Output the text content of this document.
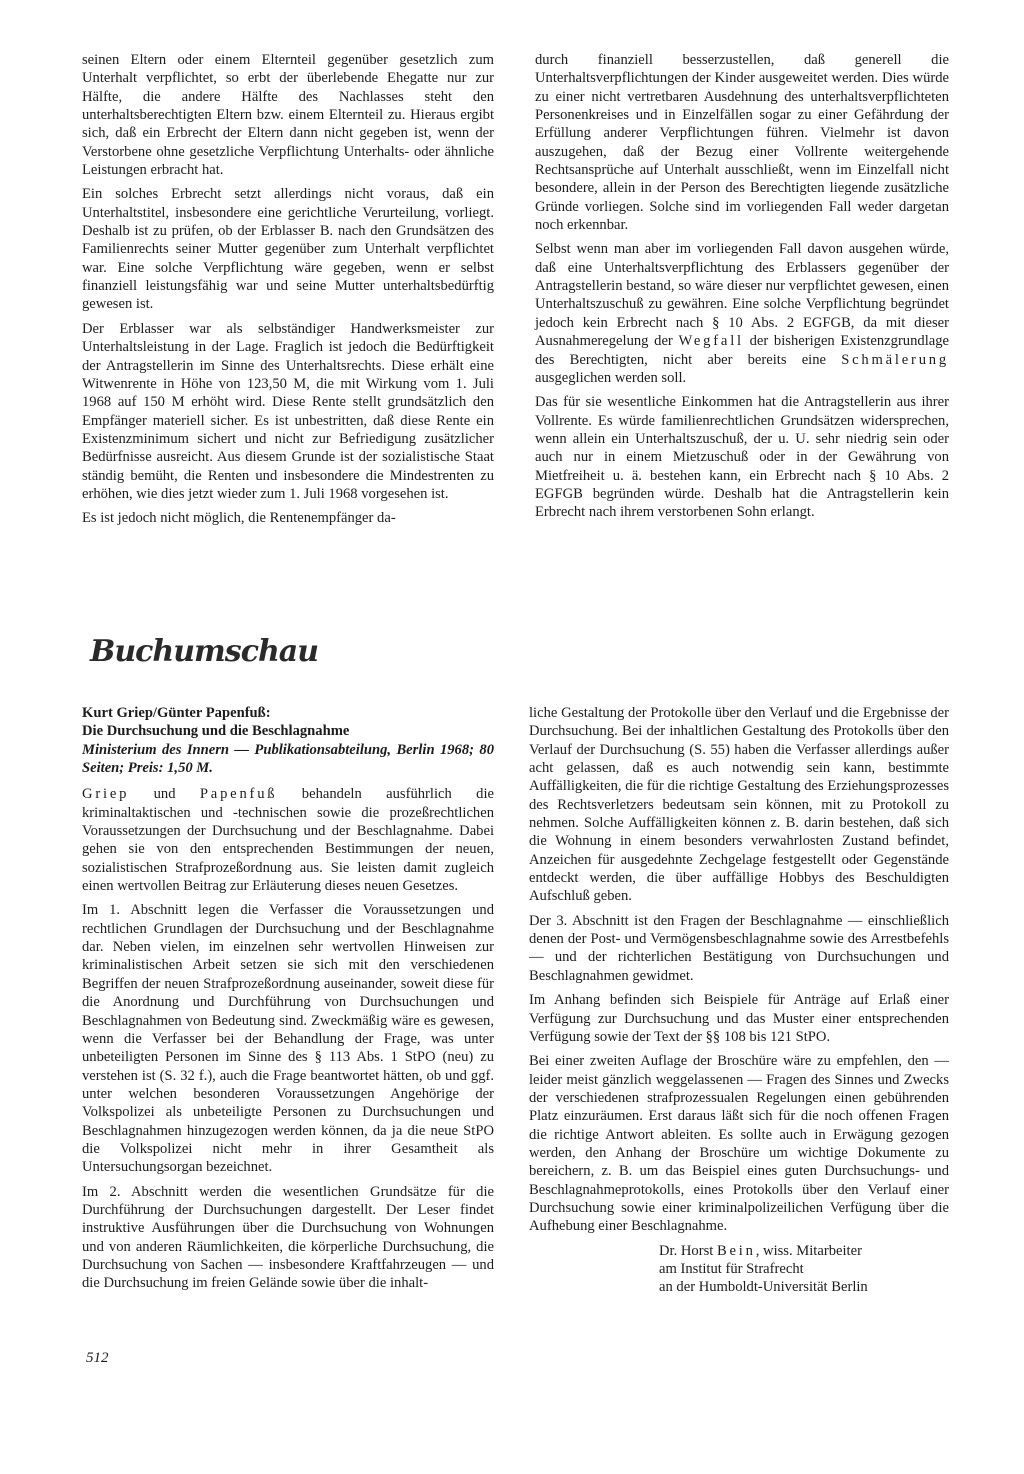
seinen Eltern oder einem Elternteil gegenüber gesetzlich zum Unterhalt verpflichtet, so erbt der überlebende Ehegatte nur zur Hälfte, die andere Hälfte des Nachlasses steht den unterhaltsberechtigten Eltern bzw. einem Elternteil zu. Hieraus ergibt sich, daß ein Erbrecht der Eltern dann nicht gegeben ist, wenn der Verstorbene ohne gesetzliche Verpflichtung Unterhalts- oder ähnliche Leistungen erbracht hat.

Ein solches Erbrecht setzt allerdings nicht voraus, daß ein Unterhaltstitel, insbesondere eine gerichtliche Verurteilung, vorliegt. Deshalb ist zu prüfen, ob der Erblasser B. nach den Grundsätzen des Familienrechts seiner Mutter gegenüber zum Unterhalt verpflichtet war. Eine solche Verpflichtung wäre gegeben, wenn er selbst finanziell leistungsfähig war und seine Mutter unterhaltsbedürftig gewesen ist.

Der Erblasser war als selbständiger Handwerksmeister zur Unterhaltsleistung in der Lage. Fraglich ist jedoch die Bedürftigkeit der Antragstellerin im Sinne des Unterhaltsrechts. Diese erhält eine Witwenrente in Höhe von 123,50 M, die mit Wirkung vom 1. Juli 1968 auf 150 M erhöht wird. Diese Rente stellt grundsätzlich den Empfänger materiell sicher. Es ist unbestritten, daß diese Rente ein Existenzminimum sichert und nicht zur Befriedigung zusätzlicher Bedürfnisse ausreicht. Aus diesem Grunde ist der sozialistische Staat ständig bemüht, die Renten und insbesondere die Mindestrenten zu erhöhen, wie dies jetzt wieder zum 1. Juli 1968 vorgesehen ist.

Es ist jedoch nicht möglich, die Rentenempfänger da-

durch finanziell besserzustellen, daß generell die Unterhaltsverpflichtungen der Kinder ausgeweitet werden. Dies würde zu einer nicht vertretbaren Ausdehnung des unterhaltsverpflichteten Personenkreises und in Einzelfällen sogar zu einer Gefährdung der Erfüllung anderer Verpflichtungen führen. Vielmehr ist davon auszugehen, daß der Bezug einer Vollrente weitergehende Rechtsansprüche auf Unterhalt ausschließt, wenn im Einzelfall nicht besondere, allein in der Person des Berechtigten liegende zusätzliche Gründe vorliegen. Solche sind im vorliegenden Fall weder dargetan noch erkennbar.

Selbst wenn man aber im vorliegenden Fall davon ausgehen würde, daß eine Unterhaltsverpflichtung des Erblassers gegenüber der Antragstellerin bestand, so wäre dieser nur verpflichtet gewesen, einen Unterhaltszuschuß zu gewähren. Eine solche Verpflichtung begründet jedoch kein Erbrecht nach § 10 Abs. 2 EGFGB, da mit dieser Ausnahmeregelung der Wegfall der bisherigen Existenzgrundlage des Berechtigten, nicht aber bereits eine Schmälerung ausgeglichen werden soll.

Das für sie wesentliche Einkommen hat die Antragstellerin aus ihrer Vollrente. Es würde familienrechtlichen Grundsätzen widersprechen, wenn allein ein Unterhaltszuschuß, der u. U. sehr niedrig sein oder auch nur in einem Mietzuschuß oder in der Gewährung von Mietfreiheit u. ä. bestehen kann, ein Erbrecht nach § 10 Abs. 2 EGFGB begründen würde. Deshalb hat die Antragstellerin kein Erbrecht nach ihrem verstorbenen Sohn erlangt.

Buchumschau
Kurt Griep/Günter Papenfuß:
Die Durchsuchung und die Beschlagnahme
Ministerium des Innern — Publikationsabteilung, Berlin 1968; 80 Seiten; Preis: 1,50 M.

Griep und Papenfuß behandeln ausführlich die kriminaltaktischen und -technischen sowie die prozeßrechtlichen Voraussetzungen der Durchsuchung und der Beschlagnahme. Dabei gehen sie von den entsprechenden Bestimmungen der neuen, sozialistischen Strafprozeßordnung aus. Sie leisten damit zugleich einen wertvollen Beitrag zur Erläuterung dieses neuen Gesetzes.

Im 1. Abschnitt legen die Verfasser die Voraussetzungen und rechtlichen Grundlagen der Durchsuchung und der Beschlagnahme dar. Neben vielen, im einzelnen sehr wertvollen Hinweisen zur kriminalistischen Arbeit setzen sie sich mit den verschiedenen Begriffen der neuen Strafprozeßordnung auseinander, soweit diese für die Anordnung und Durchführung von Durchsuchungen und Beschlagnahmen von Bedeutung sind. Zweckmäßig wäre es gewesen, wenn die Verfasser bei der Behandlung der Frage, was unter unbeteiligten Personen im Sinne des § 113 Abs. 1 StPO (neu) zu verstehen ist (S. 32 f.), auch die Frage beantwortet hätten, ob und ggf. unter welchen besonderen Voraussetzungen Angehörige der Volkspolizei als unbeteiligte Personen zu Durchsuchungen und Beschlagnahmen hinzugezogen werden können, da ja die neue StPO die Volkspolizei nicht mehr in ihrer Gesamtheit als Untersuchungsorgan bezeichnet.

Im 2. Abschnitt werden die wesentlichen Grundsätze für die Durchführung der Durchsuchungen dargestellt. Der Leser findet instruktive Ausführungen über die Durchsuchung von Wohnungen und von anderen Räumlichkeiten, die körperliche Durchsuchung, die Durchsuchung von Sachen — insbesondere Kraftfahrzeugen — und die Durchsuchung im freien Gelände sowie über die inhalt-

liche Gestaltung der Protokolle über den Verlauf und die Ergebnisse der Durchsuchung. Bei der inhaltlichen Gestaltung des Protokolls über den Verlauf der Durchsuchung (S. 55) haben die Verfasser allerdings außer acht gelassen, daß es auch notwendig sein kann, bestimmte Auffälligkeiten, die für die richtige Gestaltung des Erziehungsprozesses des Rechtsverletzers bedeutsam sein können, mit zu Protokoll zu nehmen. Solche Auffälligkeiten können z. B. darin bestehen, daß sich die Wohnung in einem besonders verwahrlosten Zustand befindet, Anzeichen für ausgedehnte Zechgelage festgestellt oder Gegenstände entdeckt werden, die über auffällige Hobbys des Beschuldigten Aufschluß geben.

Der 3. Abschnitt ist den Fragen der Beschlagnahme — einschließlich denen der Post- und Vermögensbeschlagnahme sowie des Arrestbefehls — und der richterlichen Bestätigung von Durchsuchungen und Beschlagnahmen gewidmet.

Im Anhang befinden sich Beispiele für Anträge auf Erlaß einer Verfügung zur Durchsuchung und das Muster einer entsprechenden Verfügung sowie der Text der §§ 108 bis 121 StPO.

Bei einer zweiten Auflage der Broschüre wäre zu empfehlen, den — leider meist gänzlich weggelassenen — Fragen des Sinnes und Zwecks der verschiedenen strafprozessualen Regelungen einen gebührenden Platz einzuräumen. Erst daraus läßt sich für die noch offenen Fragen die richtige Antwort ableiten. Es sollte auch in Erwägung gezogen werden, den Anhang der Broschüre um wichtige Dokumente zu bereichern, z. B. um das Beispiel eines guten Durchsuchungs- und Beschlagnahmeprotokolls, eines Protokolls über den Verlauf einer Durchsuchung sowie einer kriminalpolizeilichen Verfügung über die Aufhebung einer Beschlagnahme.

Dr. Horst Bein, wiss. Mitarbeiter
am Institut für Strafrecht
an der Humboldt-Universität Berlin
512
